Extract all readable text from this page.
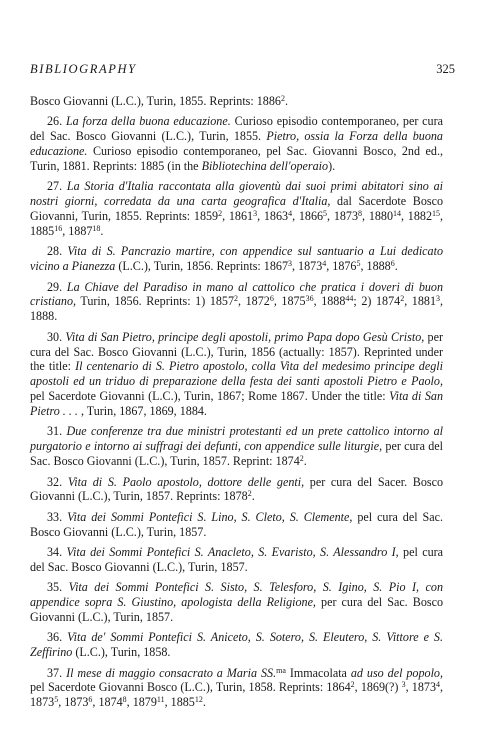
BIBLIOGRAPHY	325

Bosco Giovanni (L.C.), Turin, 1855. Reprints: 1886$^2$.

26. La forza della buona educazione. Curioso episodio contemporaneo, per cura del Sac. Bosco Giovanni (L.C.), Turin, 1855. Pietro, ossia la Forza della buona educazione. Curioso episodio contemporaneo, pel Sac. Giovanni Bosco, 2nd ed., Turin, 1881. Reprints: 1885 (in the Bibliotechina dell'operaio).

27. La Storia d'Italia raccontata alla gioventù dai suoi primi abitatori sino ai nostri giorni, corredata da una carta geografica d'Italia, dal Sacerdote Bosco Giovanni, Turin, 1855. Reprints: 1859$^2$, 1861$^3$, 1863$^4$, 1866$^5$, 1873$^8$, 1880$^{14}$, 1882$^{15}$, 1885$^{16}$, 1887$^{18}$.

28. Vita di S. Pancrazio martire, con appendice sul santuario a Lui dedicato vicino a Pianezza (L.C.), Turin, 1856. Reprints: 1867$^3$, 1873$^4$, 1876$^5$, 1888$^6$.

29. La Chiave del Paradiso in mano al cattolico che pratica i doveri di buon cristiano, Turin, 1856. Reprints: 1) 1857$^2$, 1872$^6$, 1875$^{36}$, 1888$^{44}$; 2) 1874$^2$, 1881$^3$, 1888.

30. Vita di San Pietro, principe degli apostoli, primo Papa dopo Gesù Cristo, per cura del Sac. Bosco Giovanni (L.C.), Turin, 1856 (actually: 1857). Reprinted under the title: Il centenario di S. Pietro apostolo, colla Vita del medesimo principe degli apostoli ed un triduo di preparazione della festa dei santi apostoli Pietro e Paolo, pel Sacerdote Giovanni (L.C.), Turin, 1867; Rome 1867. Under the title: Vita di San Pietro . . . , Turin, 1867, 1869, 1884.

31. Due conferenze tra due ministri protestanti ed un prete cattolico intorno al purgatorio e intorno ai suffragi dei defunti, con appendice sulle liturgie, per cura del Sac. Bosco Giovanni (L.C.), Turin, 1857. Reprint: 1874$^2$.

32. Vita di S. Paolo apostolo, dottore delle genti, per cura del Sacer. Bosco Giovanni (L.C.), Turin, 1857. Reprints: 1878$^2$.

33. Vita dei Sommi Pontefici S. Lino, S. Cleto, S. Clemente, pel cura del Sac. Bosco Giovanni (L.C.), Turin, 1857.

34. Vita dei Sommi Pontefici S. Anacleto, S. Evaristo, S. Alessandro I, pel cura del Sac. Bosco Giovanni (L.C.), Turin, 1857.

35. Vita dei Sommi Pontefici S. Sisto, S. Telesforo, S. Igino, S. Pio I, con appendice sopra S. Giustino, apologista della Religione, per cura del Sac. Bosco Giovanni (L.C.), Turin, 1857.

36. Vita de' Sommi Pontefici S. Aniceto, S. Sotero, S. Eleutero, S. Vittore e S. Zeffirino (L.C.), Turin, 1858.

37. Il mese di maggio consacrato a Maria SS.$^{ma}$ Immacolata ad uso del popolo, pel Sacerdote Giovanni Bosco (L.C.), Turin, 1858. Reprints: 1864$^2$, 1869(?) $^3$, 1873$^4$, 1873$^5$, 1873$^6$, 1874$^8$, 1879$^{11}$, 1885$^{12}$.
